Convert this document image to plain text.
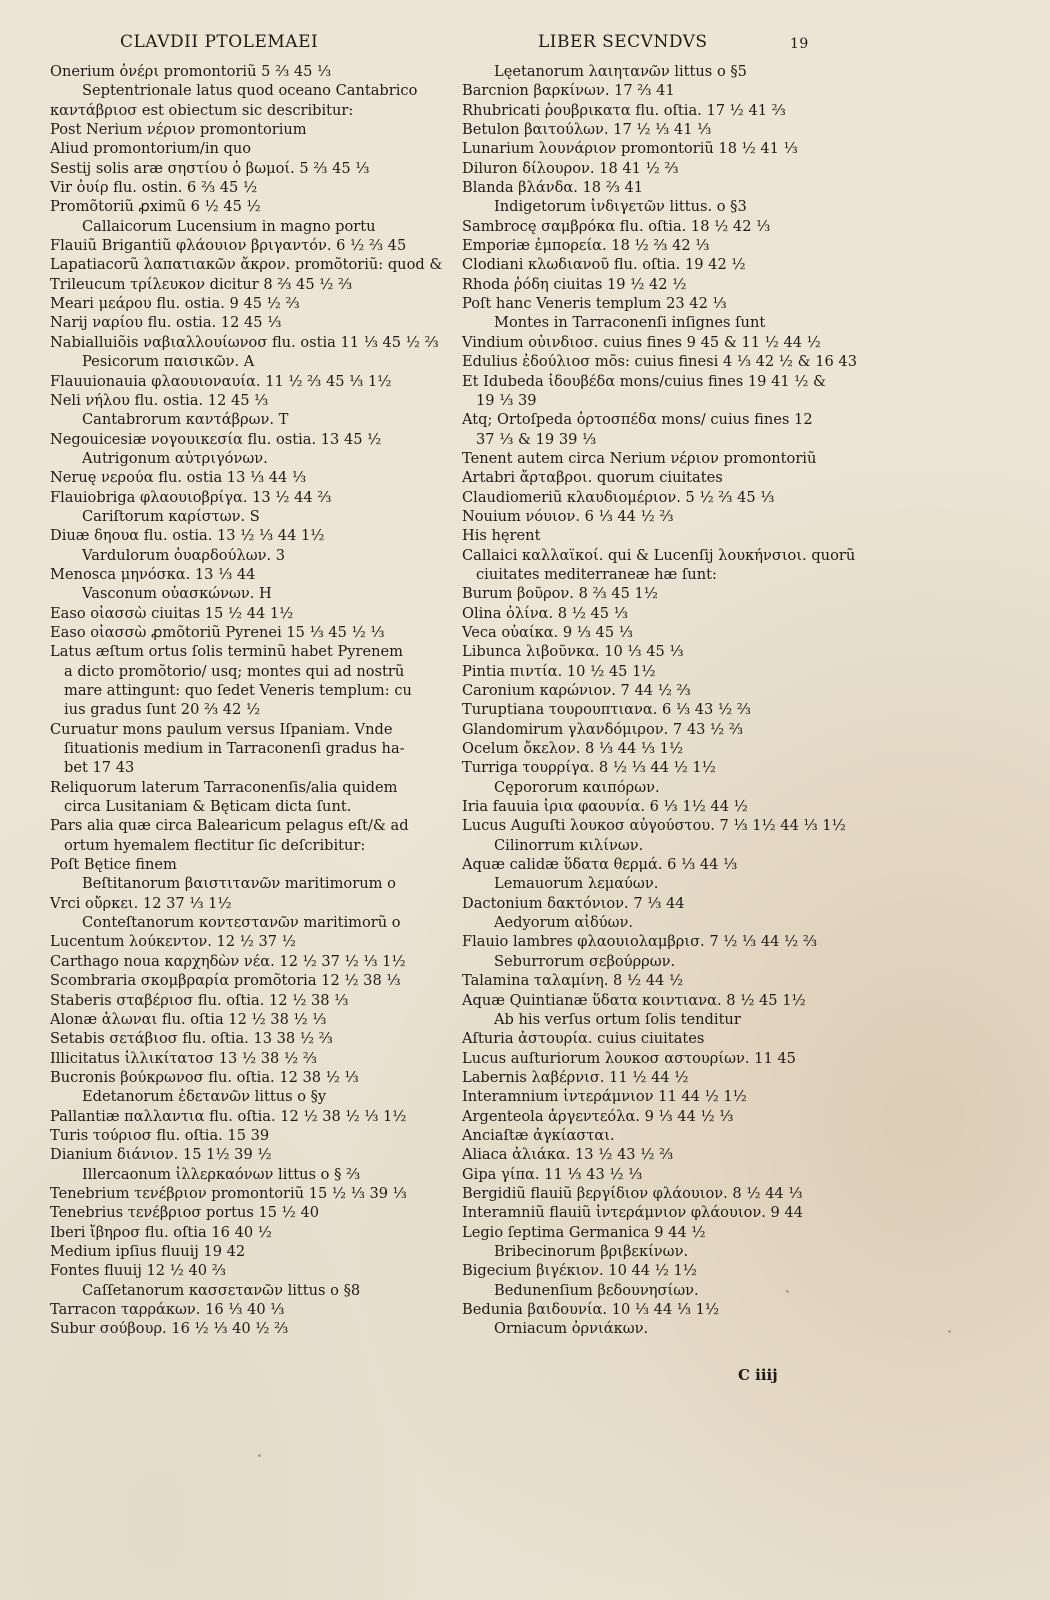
CLAVDII PTOLEMAEI	LIBER SECVNDVS	19
Onerium ὀνέρι promontoriũ 5 ⅔ 45 ⅓
Septentrionale latus quod oceano Cantabrico
καντάβριοσ est obiectum sic describitur:
Post Nerium νέριον promontorium
Aliud promontorium/in quo
Sestij solis aræ σηστίου ὁ βωμοί. 5 ⅔ 45 ⅓
Vir ὀυίρ flu. ostin. 6 ⅔ 45 ½
Promõtoriũ ꝓximũ 6 ½ 45 ½
Callaicorum Lucensium in magno portu
Flauiũ Brigantiũ φλάουιον βριγαντόν. 6 ½ ⅔ 45
Lapatiacorũ λαπατιακῶν ἄκρον. promõtoriũ: quod &
Trileucum τρίλευκον dicitur 8 ⅔ 45 ½ ⅔
Meari μεάρου flu. ostia. 9 45 ½ ⅔
Narij ναρίου flu. ostia. 12 45 ⅓
Nabialluiõis ναβιαλλουίωνοσ flu. ostia 11 ⅓ 45 ½ ⅔
Pesicorum παισικῶν. A
Flauuionauia φλαουιοναυία. 11 ½ ⅔ 45 ⅓ 1½
Neli νήλου flu. ostia. 12 45 ⅓
Cantabrorum καντάβρων. T
Negouicesiæ νογουικεσία flu. ostia. 13 45 ½
Autrigonum αὐτριγόνων.
Neruę νερούα flu. ostia 13 ⅓ 44 ⅓
Flauiobriga φλαουιοβρίγα. 13 ½ 44 ⅔
Cariſtorum καρίστων. S
Diuæ δηουα flu. ostia. 13 ½ ⅓ 44 1½
Vardulorum ὀυαρδούλων. 3
Menosca μηνόσκα. 13 ⅓ 44
Vasconum οὐασκώνων. H
Easo οἰασσὼ ciuitas 15 ½ 44 1½
Easo οἰασσὼ ꝓmõtoriũ Pyrenei 15 ⅓ 45 ½ ⅓
Latus æſtum ortus ſolis terminũ habet Pyrenem
a dicto promõtorio/ usq; montes qui ad nostrũ
mare attingunt: quo ſedet Veneris templum: cu
ius gradus ſunt 20 ⅔ 42 ½
Curuatur mons paulum versus Iſpaniam. Vnde
ſituationis medium in Tarraconenſi gradus ha-
bet 17 43
Reliquorum laterum Tarraconenſis/alia quidem
circa Lusitaniam & Bęticam dicta ſunt.
Pars alia quæ circa Balearicum pelagus eſt/& ad
ortum hyemalem flectitur ſic deſcribitur:
Poſt Bętice finem
Beſtitanorum βαιστιτανῶν maritimorum o
Vrci οὔρκει. 12 37 ⅓ 1½
Conteſtanorum κοντεστανῶν maritimorũ o
Lucentum λούκεντον. 12 ½ 37 ½
Carthago noua καρχηδὼν νέα. 12 ½ 37 ½ ⅓ 1½
Scombraria σκομβραρία promõtoria 12 ½ 38 ⅓
Staberis σταβέριοσ flu. oſtia. 12 ½ 38 ⅓
Alonæ ἀλωναι flu. oſtia 12 ½ 38 ½ ⅓
Setabis σετάβιοσ flu. oſtia. 13 38 ½ ⅔
Illicitatus ἰλλικίτατοσ 13 ½ 38 ½ ⅔
Bucronis βούκρωνοσ flu. oſtia. 12 38 ½ ⅓
Edetanorum ἐδετανῶν littus o §y
Pallantiæ παλλαντια flu. oſtia. 12 ½ 38 ½ ⅓ 1½
Turis τούριοσ flu. oſtia. 15 39
Dianium διάνιον. 15 1½ 39 ½
Illercaonum ἰλλερκαόνων littus o § ⅔
Tenebrium τενέβριον promontoriũ 15 ½ ⅓ 39 ⅓
Tenebrius τενέβριοσ portus 15 ½ 40
Iberi ἴβηροσ flu. oſtia 16 40 ½
Medium ipſius fluuij 19 42
Fontes fluuij 12 ½ 40 ⅔
Caſſetanorum κασσετανῶν littus o §8
Tarracon ταρράκων. 16 ⅓ 40 ⅓
Subur σούβουρ. 16 ½ ⅓ 40 ½ ⅔
Lęetanorum λαιητανῶν littus o §5
Barcnion βαρκίνων. 17 ⅔ 41
Rhubricati ῥουβρικατα flu. oſtia. 17 ½ 41 ⅔
Betulon βαιτούλων. 17 ½ ⅓ 41 ⅓
Lunarium λουνάριον promontoriũ 18 ½ 41 ⅓
Diluron δίλουρον. 18 41 ½ ⅔
Blanda βλάνδα. 18 ⅔ 41
Indigetorum ἰνδιγετῶν littus. o §3
Sambrocę σαμβρόκα flu. oſtia. 18 ½ 42 ⅓
Emporiæ ἐμπορεία. 18 ½ ⅔ 42 ⅓
Clodiani κλωδιανοῦ flu. oſtia. 19 42 ½
Rhoda ῥόδη ciuitas 19 ½ 42 ½
Poſt hanc Veneris templum 23 42 ⅓
Montes in Tarraconenſi inſignes ſunt
Vindium οὐινδιοσ. cuius fines 9 45 & 11 ½ 44 ½
Edulius ἐδούλιοσ mõs: cuius finesi 4 ⅓ 42 ½ & 16 43
Et Idubeda ἰδουβέδα mons/cuius fines 19 41 ½ &
19 ⅓ 39
Atq; Ortoſpeda ὀρτοσπέδα mons/ cuius fines 12
37 ⅓ & 19 39 ⅓
Tenent autem circa Nerium νέριον promontoriũ
Artabri ἄρταβροι. quorum ciuitates
Claudiomeriũ κλαυδιομέριον. 5 ½ ⅔ 45 ⅓
Nouium νόυιον. 6 ⅓ 44 ½ ⅔
His hęrent
Callaici καλλαϊκοί. qui & Lucenſij λουκήνσιοι. quorũ
ciuitates mediterraneæ hæ ſunt:
Burum βοῦρον. 8 ⅔ 45 1½
Olina ὀλίνα. 8 ½ 45 ⅓
Veca οὐαίκα. 9 ⅓ 45 ⅓
Libunca λιβοῦνκα. 10 ⅓ 45 ⅓
Pintia πιντία. 10 ½ 45 1½
Caronium καρώνιον. 7 44 ½ ⅔
Turuptiana τουρουπτιανα. 6 ⅓ 43 ½ ⅔
Glandomirum γλανδόμιρον. 7 43 ½ ⅔
Ocelum ὄκελον. 8 ⅓ 44 ⅓ 1½
Turriga τουρρίγα. 8 ½ ⅓ 44 ½ 1½
Cępororum καιπόρων.
Iria fauuia ἰρια φαουνία. 6 ⅓ 1½ 44 ½
Lucus Auguſti λουκοσ αὐγούστου. 7 ⅓ 1½ 44 ⅓ 1½
Cilinorrum κιλίνων.
Aquæ calidæ ὕδατα θερμά. 6 ⅓ 44 ⅓
Lemauorum λεμαύων.
Dactonium δακτόνιον. 7 ⅓ 44
Aedyorum αἰδύων.
Flauio lambres φλαουιολαμβρισ. 7 ½ ⅓ 44 ½ ⅔
Seburrorum σεβούρρων.
Talamina ταλαμίνη. 8 ½ 44 ½
Aquæ Quintianæ ὕδατα κοιντιανα. 8 ½ 45 1½
Ab his verſus ortum ſolis tenditur
Aſturia ἀστουρία. cuius ciuitates
Lucus auſturiorum λουκοσ αστουρίων. 11 45
Labernis λαβέρνισ. 11 ½ 44 ½
Interamnium ἰντεράμνιον 11 44 ½ 1½
Argenteola ἀργεντεόλα. 9 ⅓ 44 ½ ⅓
Anciaſtæ ἀγκίασται.
Aliaca ἀλιάκα. 13 ½ 43 ½ ⅔
Gipa γίπα. 11 ⅓ 43 ½ ⅓
Bergidiũ flauiũ βεργίδιον φλάουιον. 8 ½ 44 ⅓
Interamniũ flauiũ ἰντεράμνιον φλάουιον. 9 44
Legio ſeptima Germanica 9 44 ½
Bribecinorum βριβεκίνων.
Bigecium βιγέκιον. 10 44 ½ 1½
Bedunenſium βεδουνησίων.
Bedunia βαιδουνία. 10 ⅓ 44 ⅓ 1½
Orniacum ὀρνιάκων.
C iiij
